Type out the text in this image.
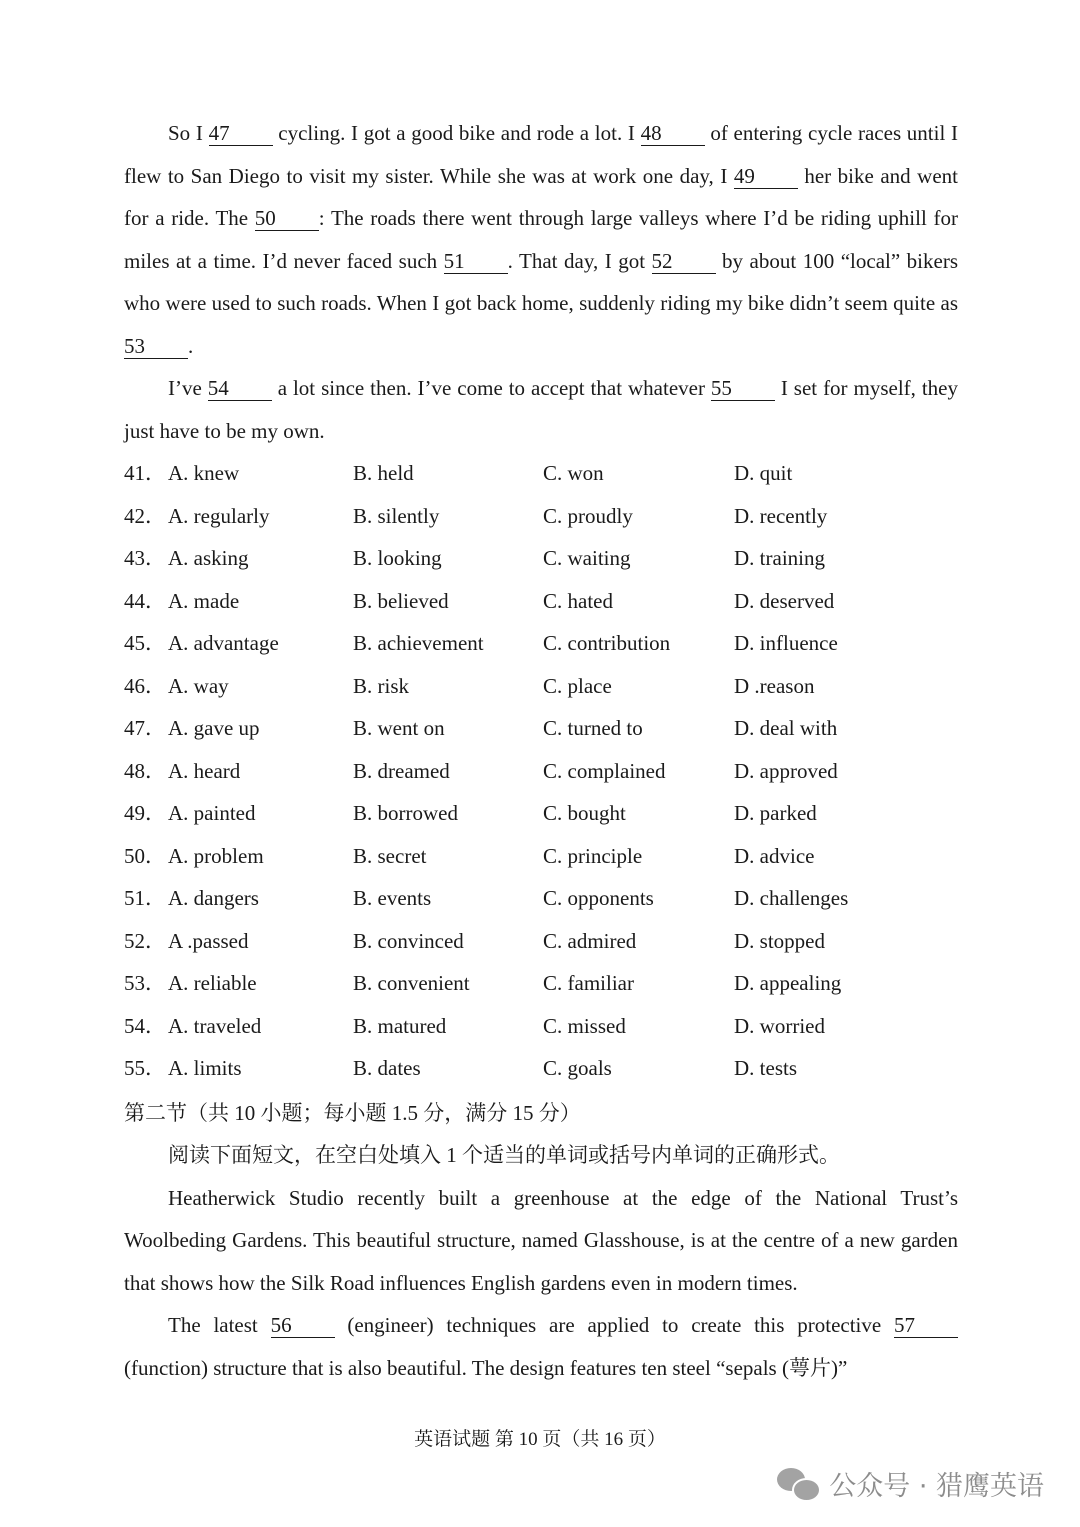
So I 47 cycling. I got a good bike and rode a lot. I 48 of entering cycle races until I flew to San Diego to visit my sister. While she was at work one day, I 49 her bike and went for a ride. The 50 : The roads there went through large valleys where I’d be riding uphill for miles at a time. I’d never faced such 51 . That day, I got 52 by about 100 “local” bikers who were used to such roads. When I got back home, suddenly riding my bike didn’t seem quite as 53 .

I’ve 54 a lot since then. I’ve come to accept that whatever 55 I set for myself, they just have to be my own.

41． A. knew	B. held	C. won	D. quit
42． A. regularly	B. silently	C. proudly	D. recently
43． A. asking	B. looking	C. waiting	D. training
44． A. made	B. believed	C. hated	D. deserved
45． A. advantage	B. achievement	C. contribution	D. influence
46． A. way	B. risk	C. place	D .reason
47． A. gave up	B. went on	C. turned to	D. deal with
48． A. heard	B. dreamed	C. complained	D. approved
49． A. painted	B. borrowed	C. bought	D. parked
50． A. problem	B. secret	C. principle	D. advice
51． A. dangers	B. events	C. opponents	D. challenges
52． A .passed	B. convinced	C. admired	D. stopped
53． A. reliable	B. convenient	C. familiar	D. appealing
54． A. traveled	B. matured	C. missed	D. worried
55． A. limits	B. dates	C. goals	D. tests
第二节（共 10 小题；每小题 1.5 分，满分 15 分）

阅读下面短文，在空白处填入 1 个适当的单词或括号内单词的正确形式。

Heatherwick Studio recently built a greenhouse at the edge of the National Trust’s Woolbeding Gardens. This beautiful structure, named Glasshouse, is at the centre of a new garden that shows how the Silk Road influences English gardens even in modern times.

The latest 56 (engineer) techniques are applied to create this protective 57 (function) structure that is also beautiful. The design features ten steel “sepals (萼片)”

英语试题 第 10 页（共 16 页）
公众号 · 猎鹰英语
